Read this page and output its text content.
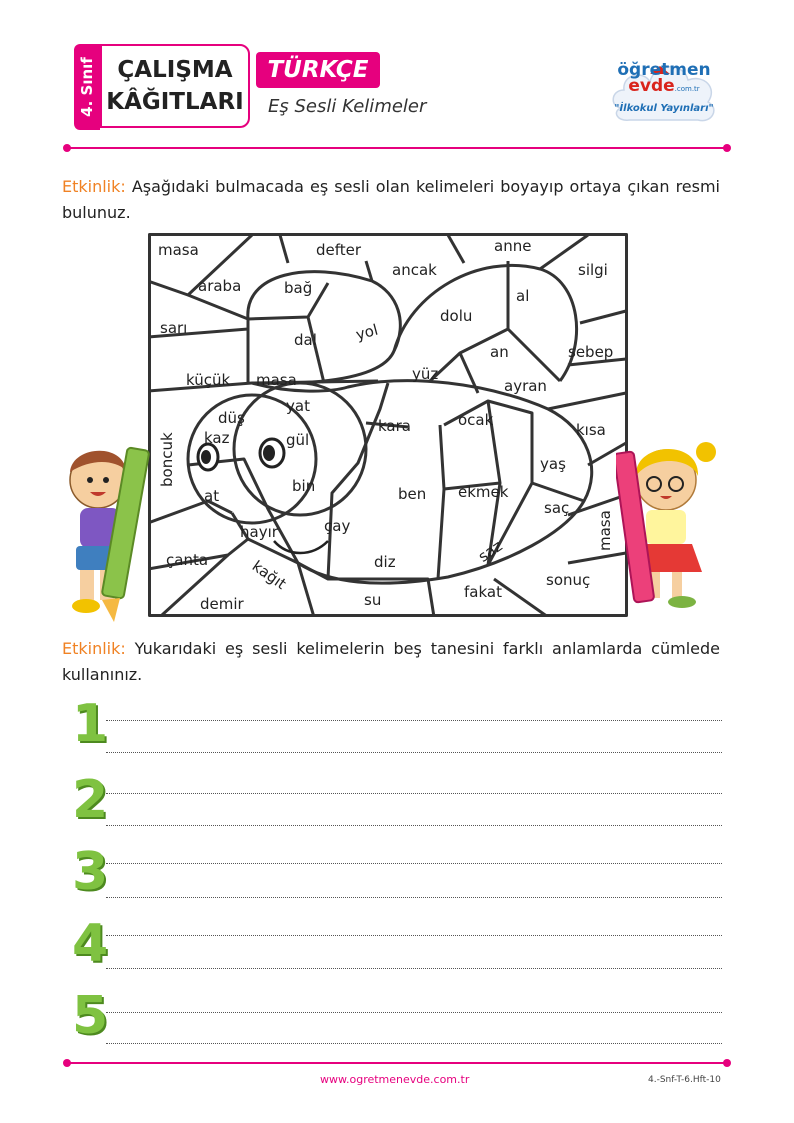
4. Sınıf ÇALIŞMA
KÂĞITLARI
TÜRKÇE
Eş Sesli Kelimeler
öğretmen
evde.com.tr
"İlkokul Yayınları"
Etkinlik: Aşağıdaki bulmacada eş sesli olan kelimeleri boyayıp ortaya çıkan resmi bulunuz.
masa	defter	anne
silgi
araba	bağ
ancak
al
sarı
dal yol
dolu
an	sebep
küçük masa	yüz
ayran
düş
yat
kara	ocak
kısa
boncuk kaz	gül
yaş
at
bin	ben ekmek
saç
masa
hayır	çay
saz
çanta	diz
kağıt	sonuç
fakat
demir	su
Etkinlik: Yukarıdaki eş sesli kelimelerin beş tanesini farklı anlamlarda cümlede kullanınız.
1
2
3
4
5
www.ogretmenevde.com.tr	4.-Snf-T-6.Hft-10
